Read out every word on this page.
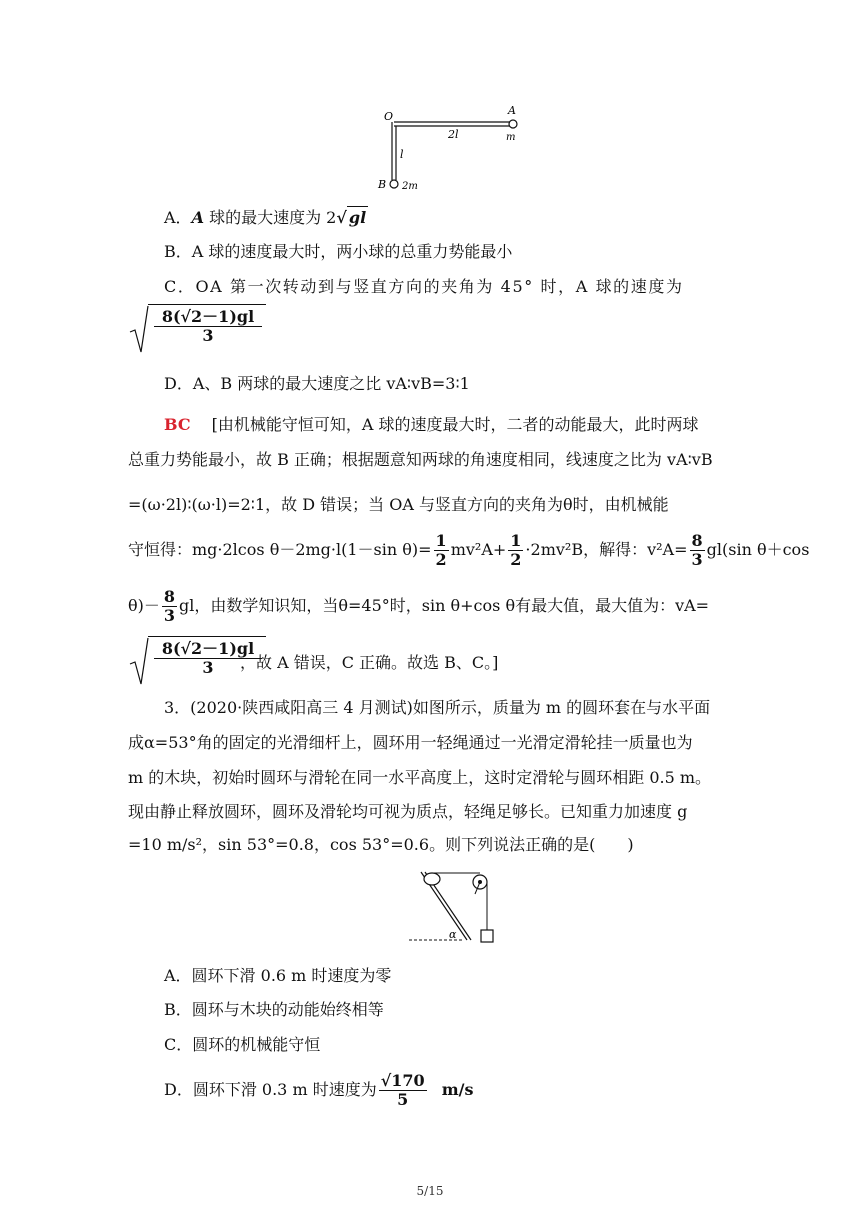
O	A
2l	m
l
B 2m
A．A 球的最大速度为 2√ gl
B．A 球的速度最大时，两小球的总重力势能最小
C．OA 第一次转动到与竖直方向的夹角为 45° 时，A 球的速度为
$\frac{8(√2-1)gl}{3}$
D．A、B 两球的最大速度之比 vA∶vB=3∶1
BC [由机械能守恒可知，A 球的速度最大时，二者的动能最大，此时两球
总重力势能最小，故 B 正确；根据题意知两球的角速度相同，线速度之比为 vA∶vB
=(ω·2l)∶(ω·l)=2∶1，故 D 错误；当 OA 与竖直方向的夹角为θ时，由机械能
守恒得：mg·2lcos θ－2mg·l(1－sin $\theta)= \frac{1}{2} mv^2A+ \frac{1}{2} \cdot 2mv^2B$，解得：$v^2A= \frac{8}{3} gl(\sin$ θ＋cos
$\theta)- \frac{8}{3}$ gl，由数学知识知，当θ=45°时，sin θ+cos θ有最大值，最大值为：vA=
$\frac{8(√2-1)gl}{3}$
，故 A 错误，C 正确。故选 B、C。]
3．(2020·陕西咸阳高三 4 月测试)如图所示，质量为 m 的圆环套在与水平面
成α=53°角的固定的光滑细杆上，圆环用一轻绳通过一光滑定滑轮挂一质量也为
m 的木块，初始时圆环与滑轮在同一水平高度上，这时定滑轮与圆环相距 0.5 m。
现由静止释放圆环，圆环及滑轮均可视为质点，轻绳足够长。已知重力加速度 g
=10 m/s²，sin 53°=0.8，cos 53°=0.6。则下列说法正确的是(　　)
α
A．圆环下滑 0.6 m 时速度为零
B．圆环与木块的动能始终相等
C．圆环的机械能守恒
D．圆环下滑 0.3 m 时速度为 $\frac{√170}{5} m/s$
5/15
